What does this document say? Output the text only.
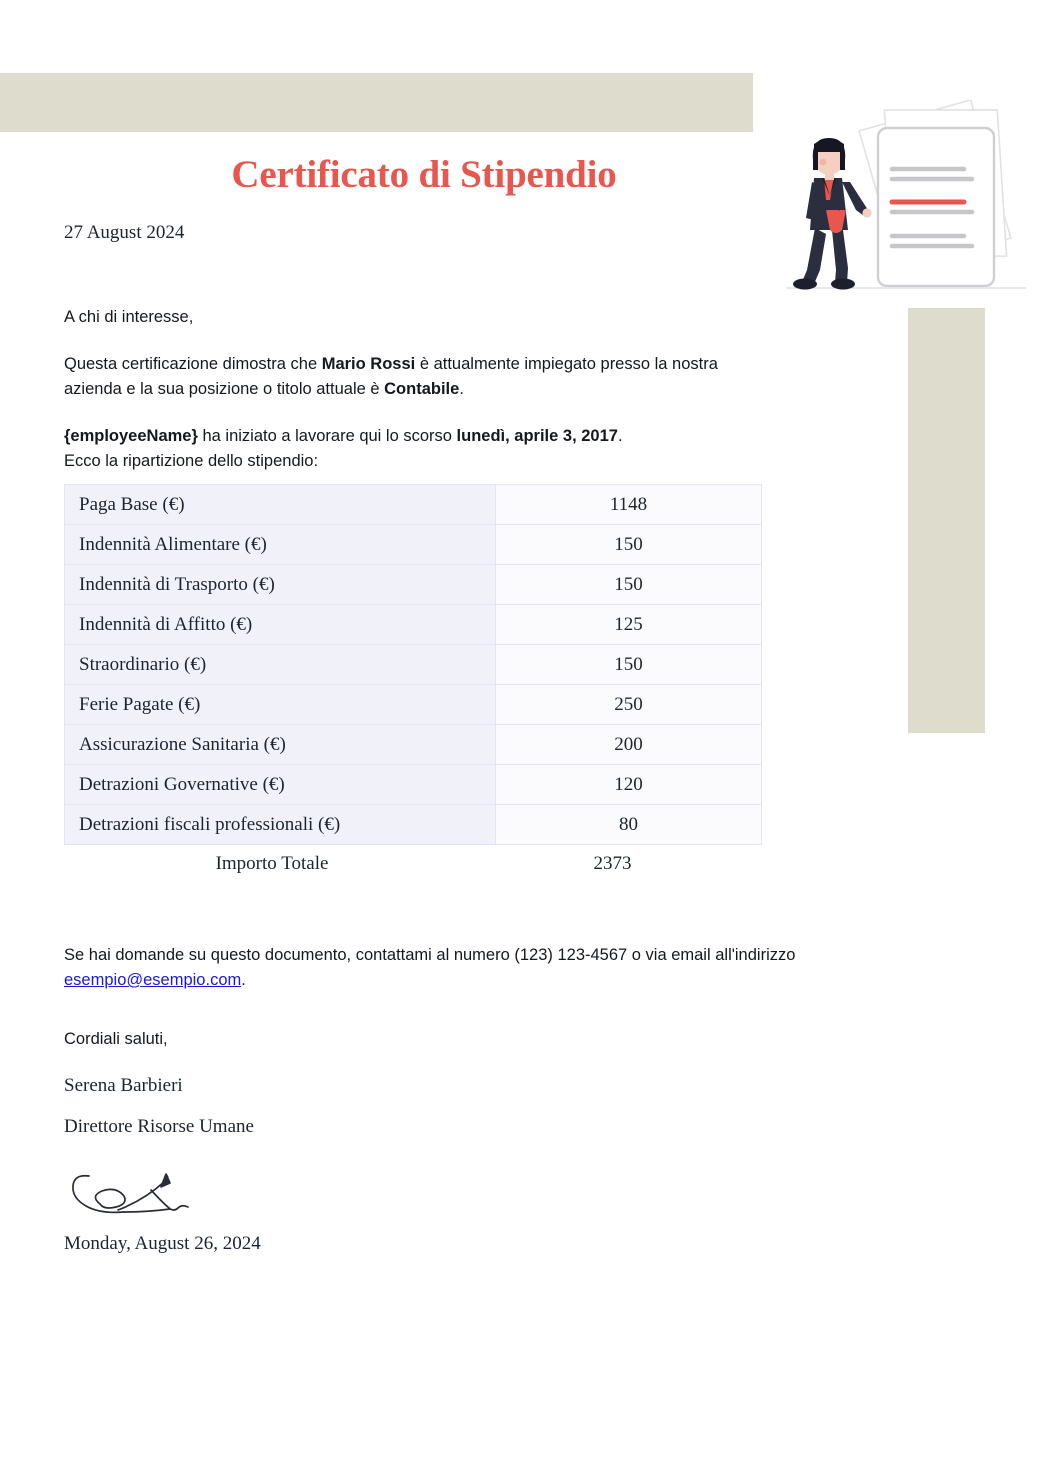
Certificato di Stipendio
27 August 2024

A chi di interesse,

Questa certificazione dimostra che Mario Rossi è attualmente impiegato presso la nostra azienda e la sua posizione o titolo attuale è Contabile.

{employeeName} ha iniziato a lavorare qui lo scorso lunedì, aprile 3, 2017.
Ecco la ripartizione dello stipendio:

Paga Base (€)	1148
Indennità Alimentare (€)	150
Indennità di Trasporto (€)	150
Indennità di Affitto (€)	125
Straordinario (€)	150
Ferie Pagate (€)	250
Assicurazione Sanitaria (€)	200
Detrazioni Governative (€)	120
Detrazioni fiscali professionali (€)	80
Importo Totale	2373

Se hai domande su questo documento, contattami al numero (123) 123-4567 o via email all'indirizzo esempio@esempio.com.

Cordiali saluti,

Serena Barbieri
Direttore Risorse Umane
Monday, August 26, 2024
